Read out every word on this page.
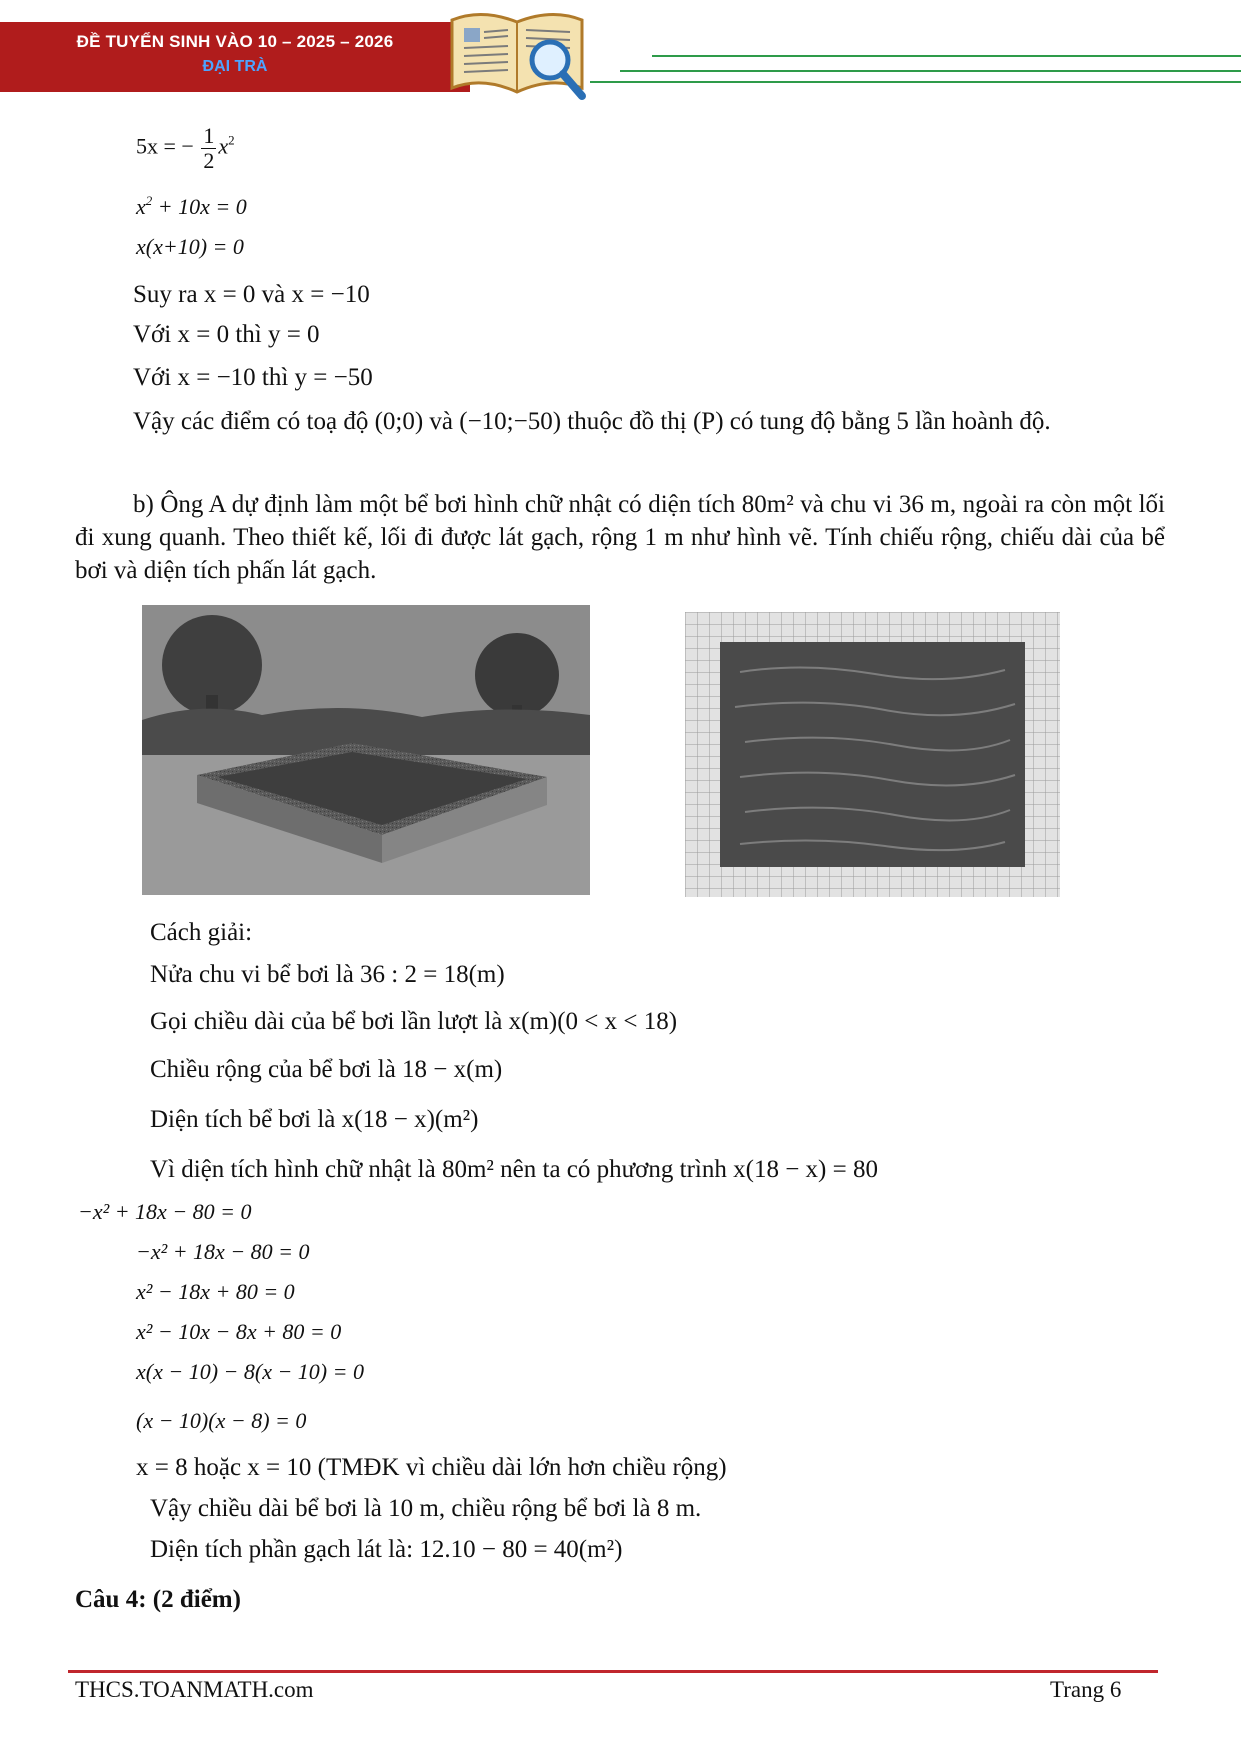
ĐỀ TUYỂN SINH VÀO 10 – 2025 – 2026
ĐẠI TRÀ
5x = − $\frac{1}{2} x^2$
$x^2 + 10x = 0$
x(x+10) = 0
Suy ra x = 0 và x = −10
Với x = 0 thì y = 0
Với x = −10 thì y = −50
Vậy các điểm có toạ độ (0;0) và (−10;−50) thuộc đồ thị (P) có tung độ bằng 5 lần hoành độ.
b) Ông A dự định làm một bể bơi hình chữ nhật có diện tích 80m² và chu vi 36 m, ngoài ra còn một lối đi xung quanh. Theo thiết kế, lối đi được lát gạch, rộng 1 m như hình vẽ. Tính chiếu rộng, chiếu dài của bể bơi và diện tích phấn lát gạch.
Cách giải:
Nửa chu vi bể bơi là 36 : 2 = 18(m)
Gọi chiều dài của bể bơi lần lượt là x(m)(0 < x < 18)
Chiều rộng của bể bơi là 18 − x(m)
Diện tích bể bơi là x(18 − x)(m²)
Vì diện tích hình chữ nhật là 80m² nên ta có phương trình x(18 − x) = 80
−x² + 18x − 80 = 0
−x² + 18x − 80 = 0
x² − 18x + 80 = 0
x² − 10x − 8x + 80 = 0
x(x − 10) − 8(x − 10) = 0
(x − 10)(x − 8) = 0
x = 8 hoặc x = 10 (TMĐK vì chiều dài lớn hơn chiều rộng)
Vậy chiều dài bể bơi là 10 m, chiều rộng bể bơi là 8 m.
Diện tích phần gạch lát là: 12.10 − 80 = 40(m²)
Câu 4: (2 điểm)
THCS.TOANMATH.com	Trang 6
